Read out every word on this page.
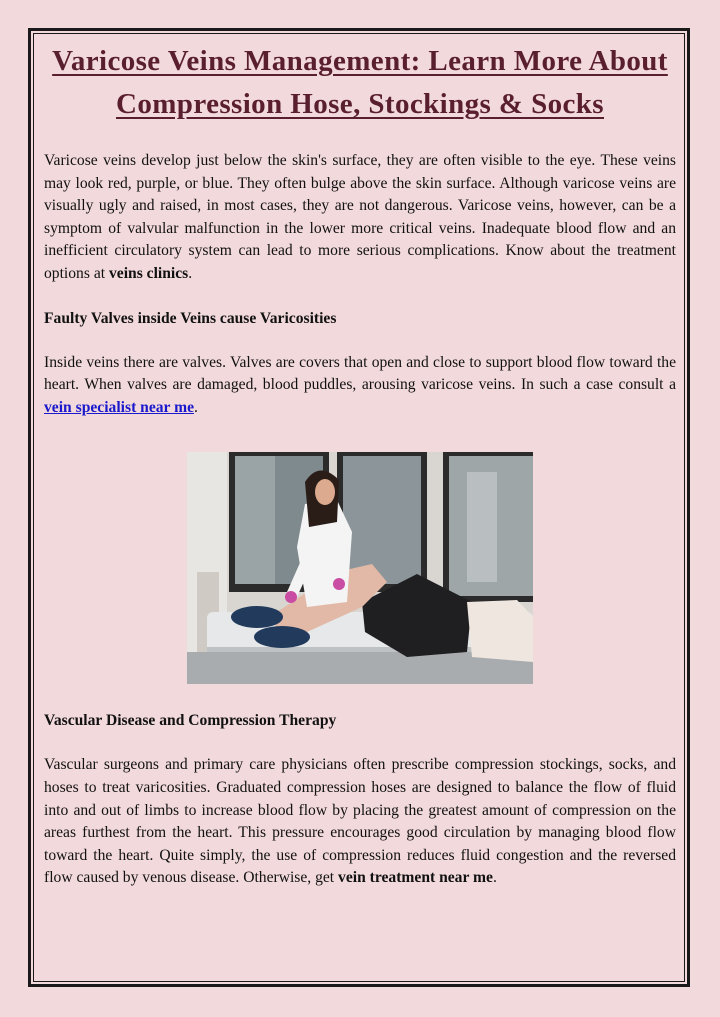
Varicose Veins Management: Learn More About Compression Hose, Stockings & Socks

Varicose veins develop just below the skin's surface, they are often visible to the eye. These veins may look red, purple, or blue. They often bulge above the skin surface. Although varicose veins are visually ugly and raised, in most cases, they are not dangerous. Varicose veins, however, can be a symptom of valvular malfunction in the lower more critical veins. Inadequate blood flow and an inefficient circulatory system can lead to more serious complications. Know about the treatment options at veins clinics.

Faulty Valves inside Veins cause Varicosities

Inside veins there are valves. Valves are covers that open and close to support blood flow toward the heart. When valves are damaged, blood puddles, arousing varicose veins. In such a case consult a vein specialist near me.

Vascular Disease and Compression Therapy

Vascular surgeons and primary care physicians often prescribe compression stockings, socks, and hoses to treat varicosities. Graduated compression hoses are designed to balance the flow of fluid into and out of limbs to increase blood flow by placing the greatest amount of compression on the areas furthest from the heart. This pressure encourages good circulation by managing blood flow toward the heart. Quite simply, the use of compression reduces fluid congestion and the reversed flow caused by venous disease. Otherwise, get vein treatment near me.
